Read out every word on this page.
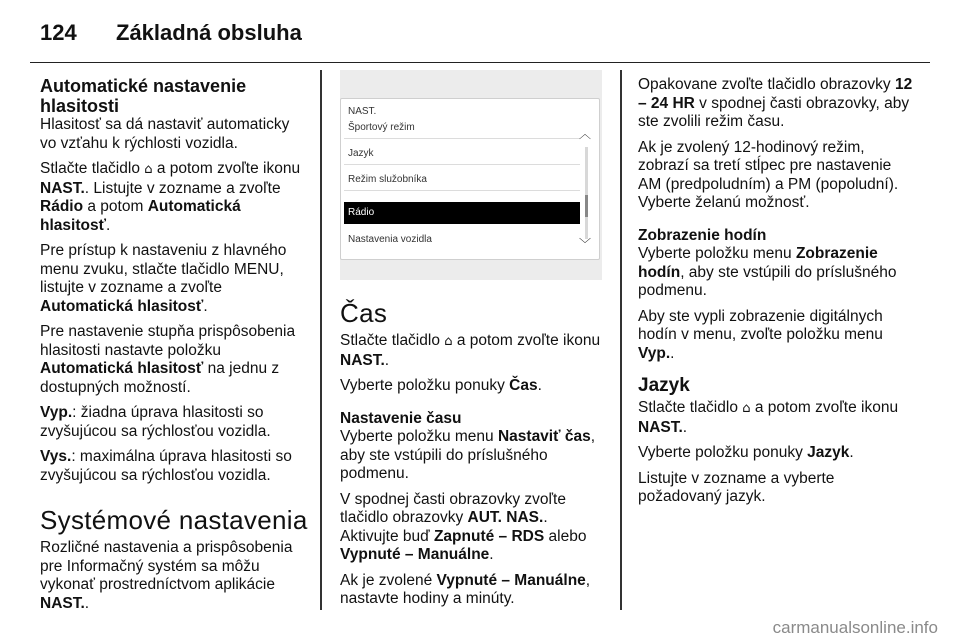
124 Základná obsluha
Automatické nastavenie hlasitosti

Hlasitosť sa dá nastaviť automaticky vo vzťahu k rýchlosti vozidla.

Stlačte tlačidlo ⌂ a potom zvoľte ikonu NAST.. Listujte v zozname a zvoľte Rádio a potom Automatická hlasitosť.

Pre prístup k nastaveniu z hlavného menu zvuku, stlačte tlačidlo MENU, listujte v zozname a zvoľte Automatická hlasitosť.

Pre nastavenie stupňa prispôsobenia hlasitosti nastavte položku Automatická hlasitosť na jednu z dostupných možností.

Vyp.: žiadna úprava hlasitosti so zvyšujúcou sa rýchlosťou vozidla.

Vys.: maximálna úprava hlasitosti so zvyšujúcou sa rýchlosťou vozidla.

Systémové nastavenia

Rozličné nastavenia a prispôsobenia pre Informačný systém sa môžu vykonať prostredníctvom aplikácie NAST..

NAST.
Športový režim
Jazyk
Režim služobníka
Rádio
Nastavenia vozidla
︿
﹀
Čas

Stlačte tlačidlo ⌂ a potom zvoľte ikonu NAST..

Vyberte položku ponuky Čas.

Nastavenie času

Vyberte položku menu Nastaviť čas, aby ste vstúpili do príslušného podmenu.

V spodnej časti obrazovky zvoľte tlačidlo obrazovky AUT. NAS.. Aktivujte buď Zapnuté – RDS alebo Vypnuté – Manuálne.

Ak je zvolené Vypnuté – Manuálne, nastavte hodiny a minúty.

Opakovane zvoľte tlačidlo obrazovky 12 – 24 HR v spodnej časti obrazovky, aby ste zvolili režim času.

Ak je zvolený 12-hodinový režim, zobrazí sa tretí stĺpec pre nastavenie AM (predpoludním) a PM (popoludní). Vyberte želanú možnosť.

Zobrazenie hodín

Vyberte položku menu Zobrazenie hodín, aby ste vstúpili do príslušného podmenu.

Aby ste vypli zobrazenie digitálnych hodín v menu, zvoľte položku menu Vyp..

Jazyk

Stlačte tlačidlo ⌂ a potom zvoľte ikonu NAST..

Vyberte položku ponuky Jazyk.

Listujte v zozname a vyberte požadovaný jazyk.

carmanualsonline.info
